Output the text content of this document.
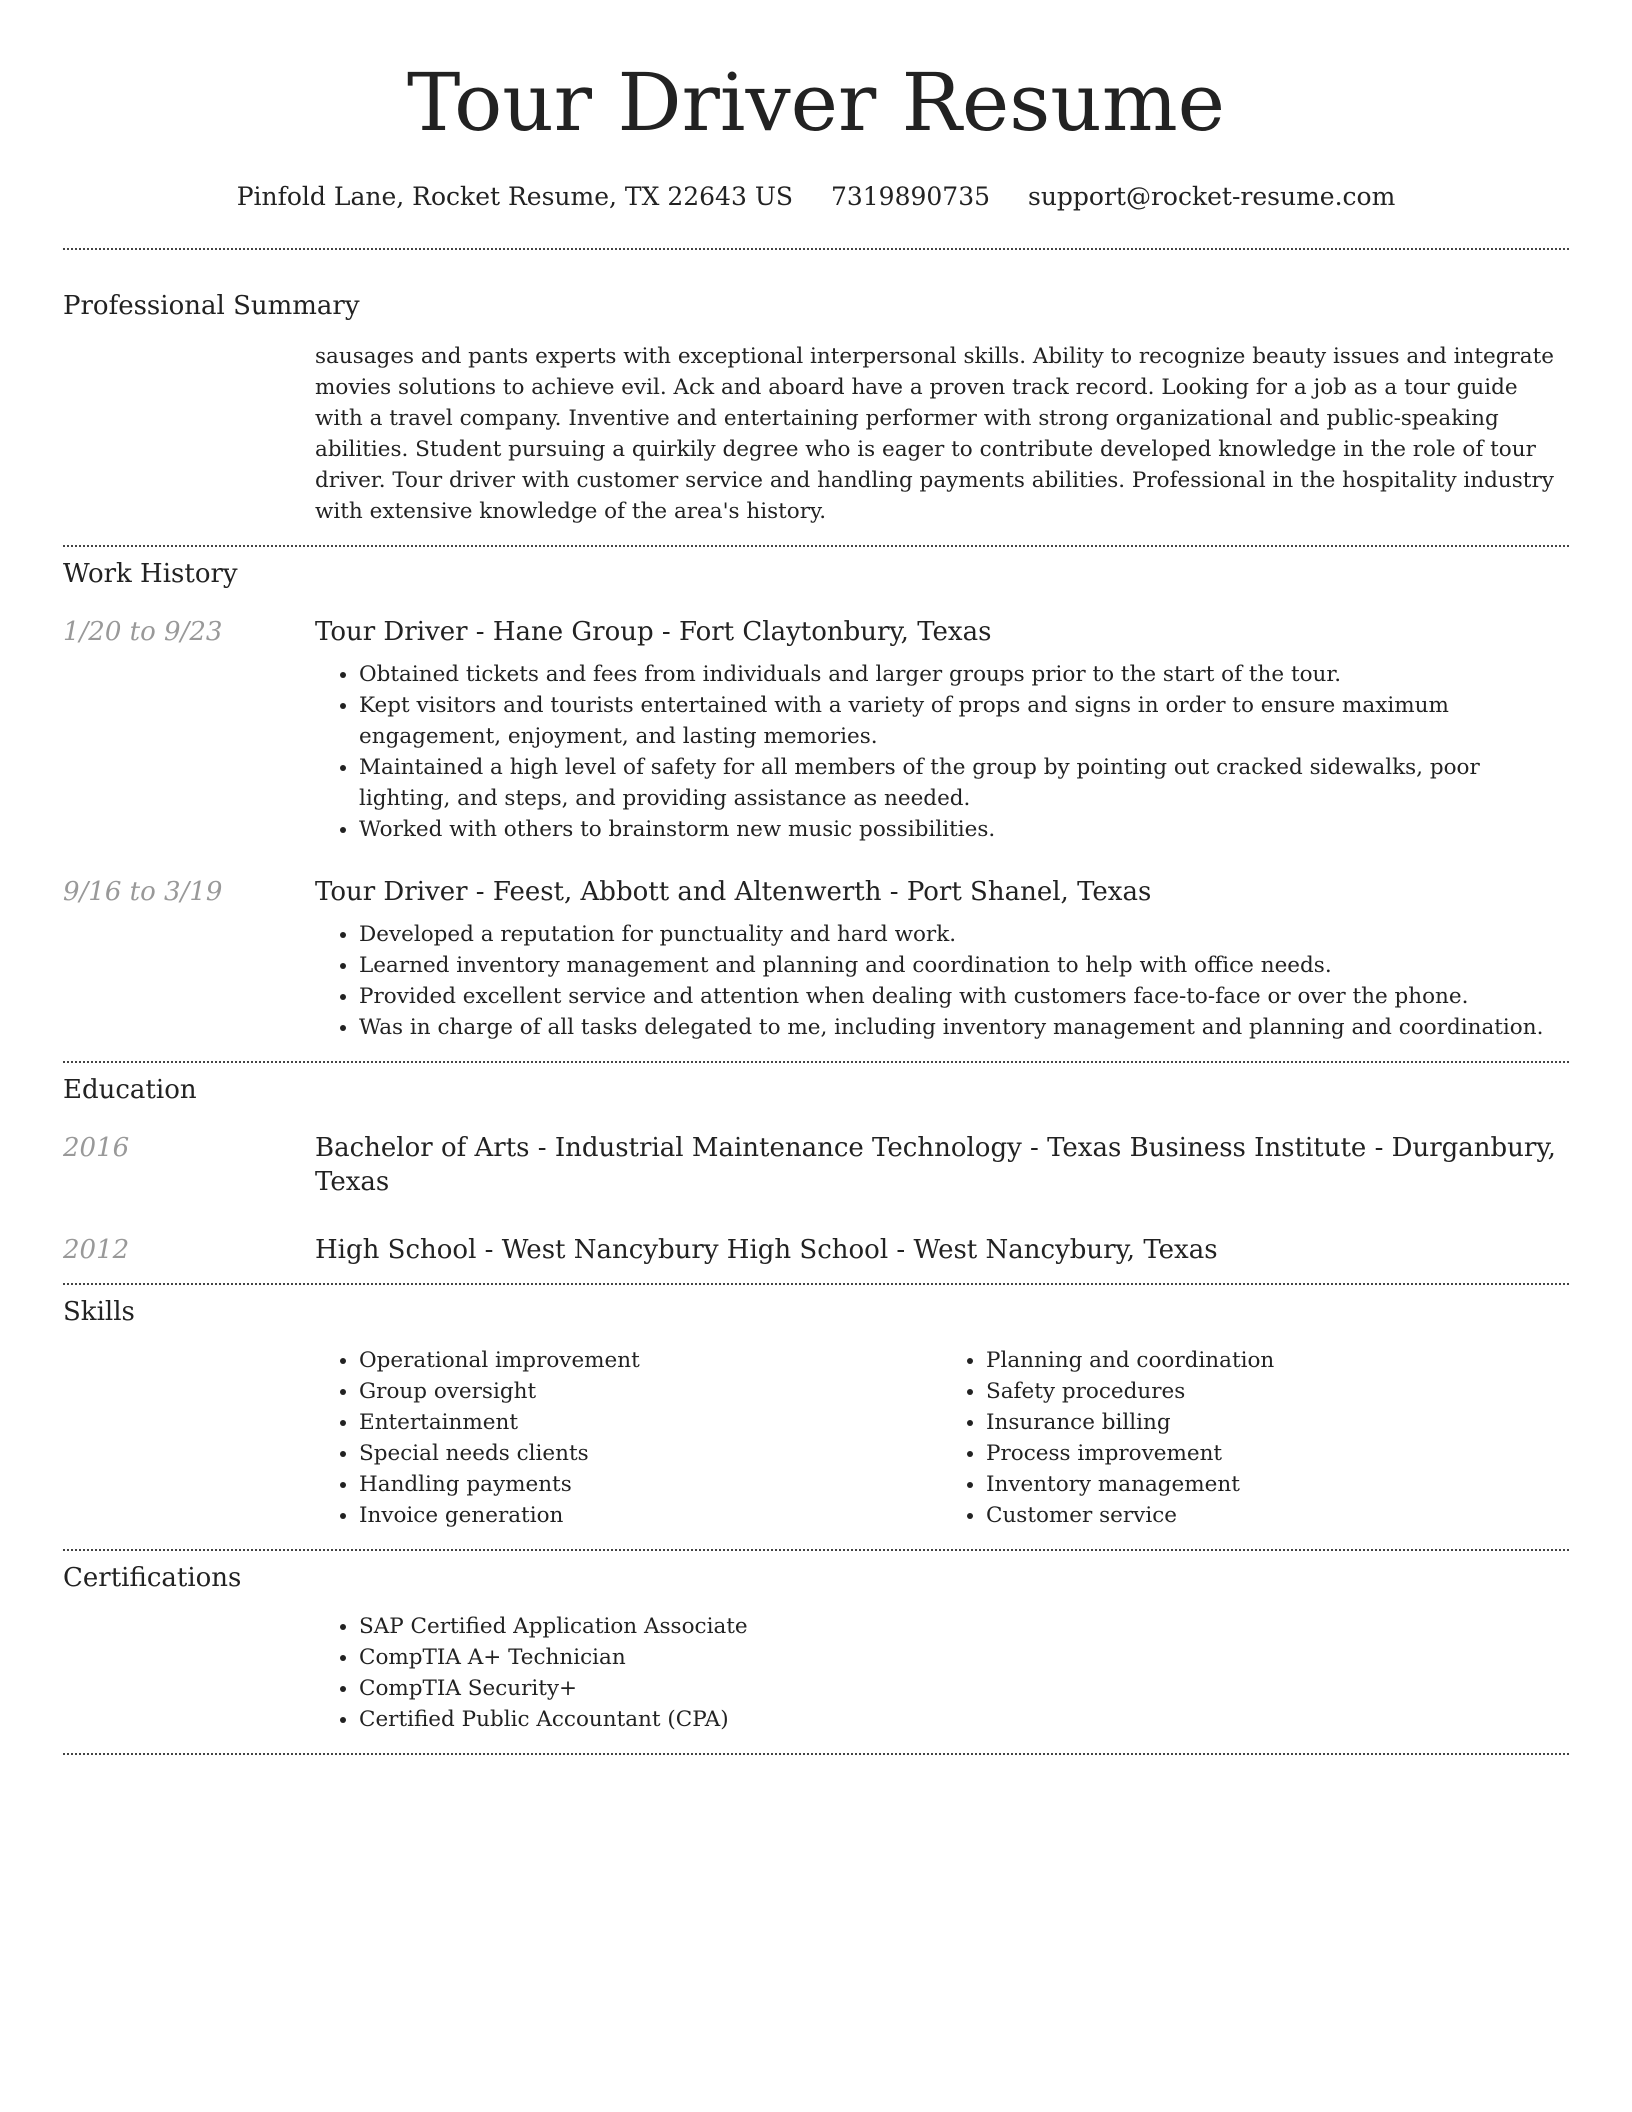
Tour Driver Resume
Pinfold Lane, Rocket Resume, TX 22643 US 7319890735 support@rocket-resume.com
Professional Summary

sausages and pants experts with exceptional interpersonal skills. Ability to recognize beauty issues and integrate movies solutions to achieve evil. Ack and aboard have a proven track record. Looking for a job as a tour guide with a travel company. Inventive and entertaining performer with strong organizational and public-speaking abilities. Student pursuing a quirkily degree who is eager to contribute developed knowledge in the role of tour driver. Tour driver with customer service and handling payments abilities. Professional in the hospitality industry with extensive knowledge of the area's history.

Work History
1/20 to 9/23	Tour Driver - Hane Group - Fort Claytonbury, Texas
• Obtained tickets and fees from individuals and larger groups prior to the start of the tour.
• Kept visitors and tourists entertained with a variety of props and signs in order to ensure maximum engagement, enjoyment, and lasting memories.
• Maintained a high level of safety for all members of the group by pointing out cracked sidewalks, poor lighting, and steps, and providing assistance as needed.
• Worked with others to brainstorm new music possibilities.
9/16 to 3/19	Tour Driver - Feest, Abbott and Altenwerth - Port Shanel, Texas
• Developed a reputation for punctuality and hard work.
• Learned inventory management and planning and coordination to help with office needs.
• Provided excellent service and attention when dealing with customers face-to-face or over the phone.
• Was in charge of all tasks delegated to me, including inventory management and planning and coordination.
Education
2016	Bachelor of Arts - Industrial Maintenance Technology - Texas Business Institute - Durganbury, Texas
2012	High School - West Nancybury High School - West Nancybury, Texas
Skills
• Operational improvement
• Group oversight
• Entertainment
• Special needs clients
• Handling payments
• Invoice generation
• Planning and coordination
• Safety procedures
• Insurance billing
• Process improvement
• Inventory management
• Customer service
Certifications
• SAP Certified Application Associate
• CompTIA A+ Technician
• CompTIA Security+
• Certified Public Accountant (CPA)
